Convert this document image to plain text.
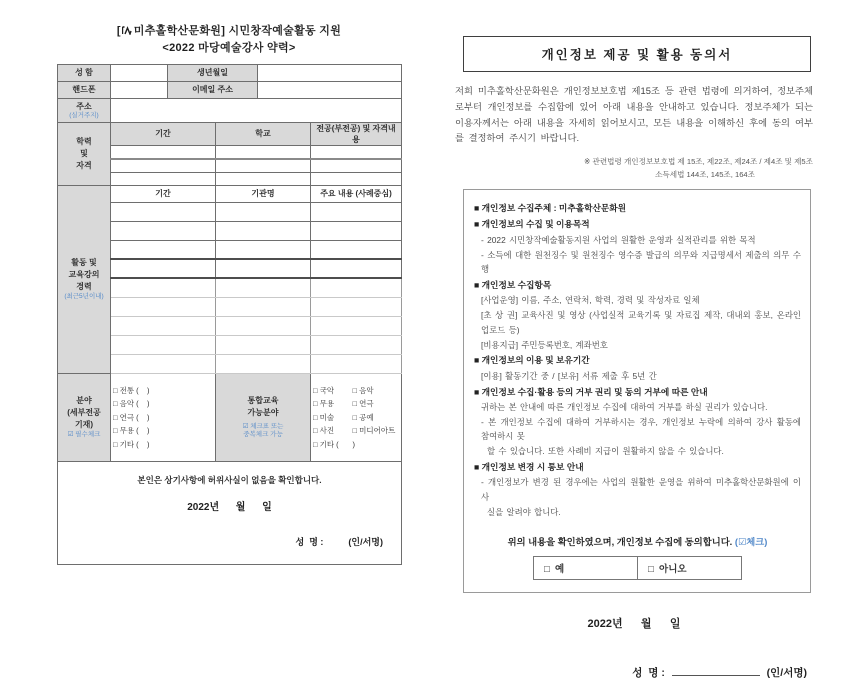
[ 미추홀학산문화원] 시민창작예술활동 지원
<2022 마당예술강사 약력>
성 함		생년월일	
핸드폰		이메일 주소	
주소
(실거주지)			

학력
및
자격	기간	학교	전공(부전공) 및 자격내용

활동 및
교육강의
경력
(최근5년이내)	기간	기관명	주요 내용 (사례중심)

분야
(세부전공
기재)
☑ 필수체크

□ 전통 (    )
□ 음악 (    )
□ 연극 (    )
□ 무용 (    )
□ 기타 (    )

통합교육
가능분야
☑ 체크표 또는
중복체크 가능

□ 국악	□ 음악
□ 무용	□ 연극
□ 미술	□ 공예
□ 사진	□ 미디어아트
□ 기타 (	)

본인은 상기사항에 허위사실이 없음을 확인합니다.
2022년      월      일

성  명 :          (인/서명)			

개인정보 제공 및 활용 동의서

저희 미추홀학산문화원은 개인정보보호법 제15조 등 관련 법령에 의거하여, 정보주체로부터 개인정보를 수집함에 있어 아래 내용을 안내하고 있습니다. 정보주체가 되는 이용자께서는 아래 내용을 자세히 읽어보시고, 모든 내용을 이해하신 후에 동의 여부를 결정하여 주시기 바랍니다.

※ 관련법령 개인정보보호법 제 15조, 제22조, 제24조 / 제4조 및 제5조
소득세법 144조, 145조, 164조
■ 개인정보 수집주체 : 미추홀학산문화원
■ 개인정보의 수집 및 이용목적
- 2022 시민창작예술활동지원 사업의 원활한 운영과 실적관리를 위한 목적
- 소득에 대한 원천징수 및 원천징수 영수증 발급의 의무와 지급명세서 제출의 의무 수행
■ 개인정보 수집항목
[사업운영] 이름, 주소, 연락처, 학력, 경력 및 작성자료 일체
[초 상 권] 교육사진 및 영상 (사업실적 교육기록 및 자료집 제작, 대내외 홍보, 온라인업로드 등)
[비용지급] 주민등록번호, 계좌번호
■ 개인정보의 이용 및 보유기간
[이용] 활동기간 중 / [보유] 서류 제출 후 5년 간
■ 개인정보 수집·활용 등의 거부 권리 및 동의 거부에 따른 안내
귀하는 본 안내에 따른 개인정보 수집에 대하여 거부를 하실 권리가 있습니다.
- 본 개인정보 수집에 대하여 거부하시는 경우, 개인정보 누락에 의하여 강사 활동에 참여하시 못
할 수 있습니다. 또한 사례비 지급이 원활하지 않을 수 있습니다.
■ 개인정보 변경 시 통보 안내
- 개인정보가 변경 된 경우에는 사업의 원활한 운영을 위하여 미추홀학산문화원에 이 사
실을 알려야 합니다.
위의 내용을 확인하였으며, 개인정보 수집에 동의합니다. (☑체크)
□  예	□  아니오
2022년      월      일

성  명 :	(인/서명)
